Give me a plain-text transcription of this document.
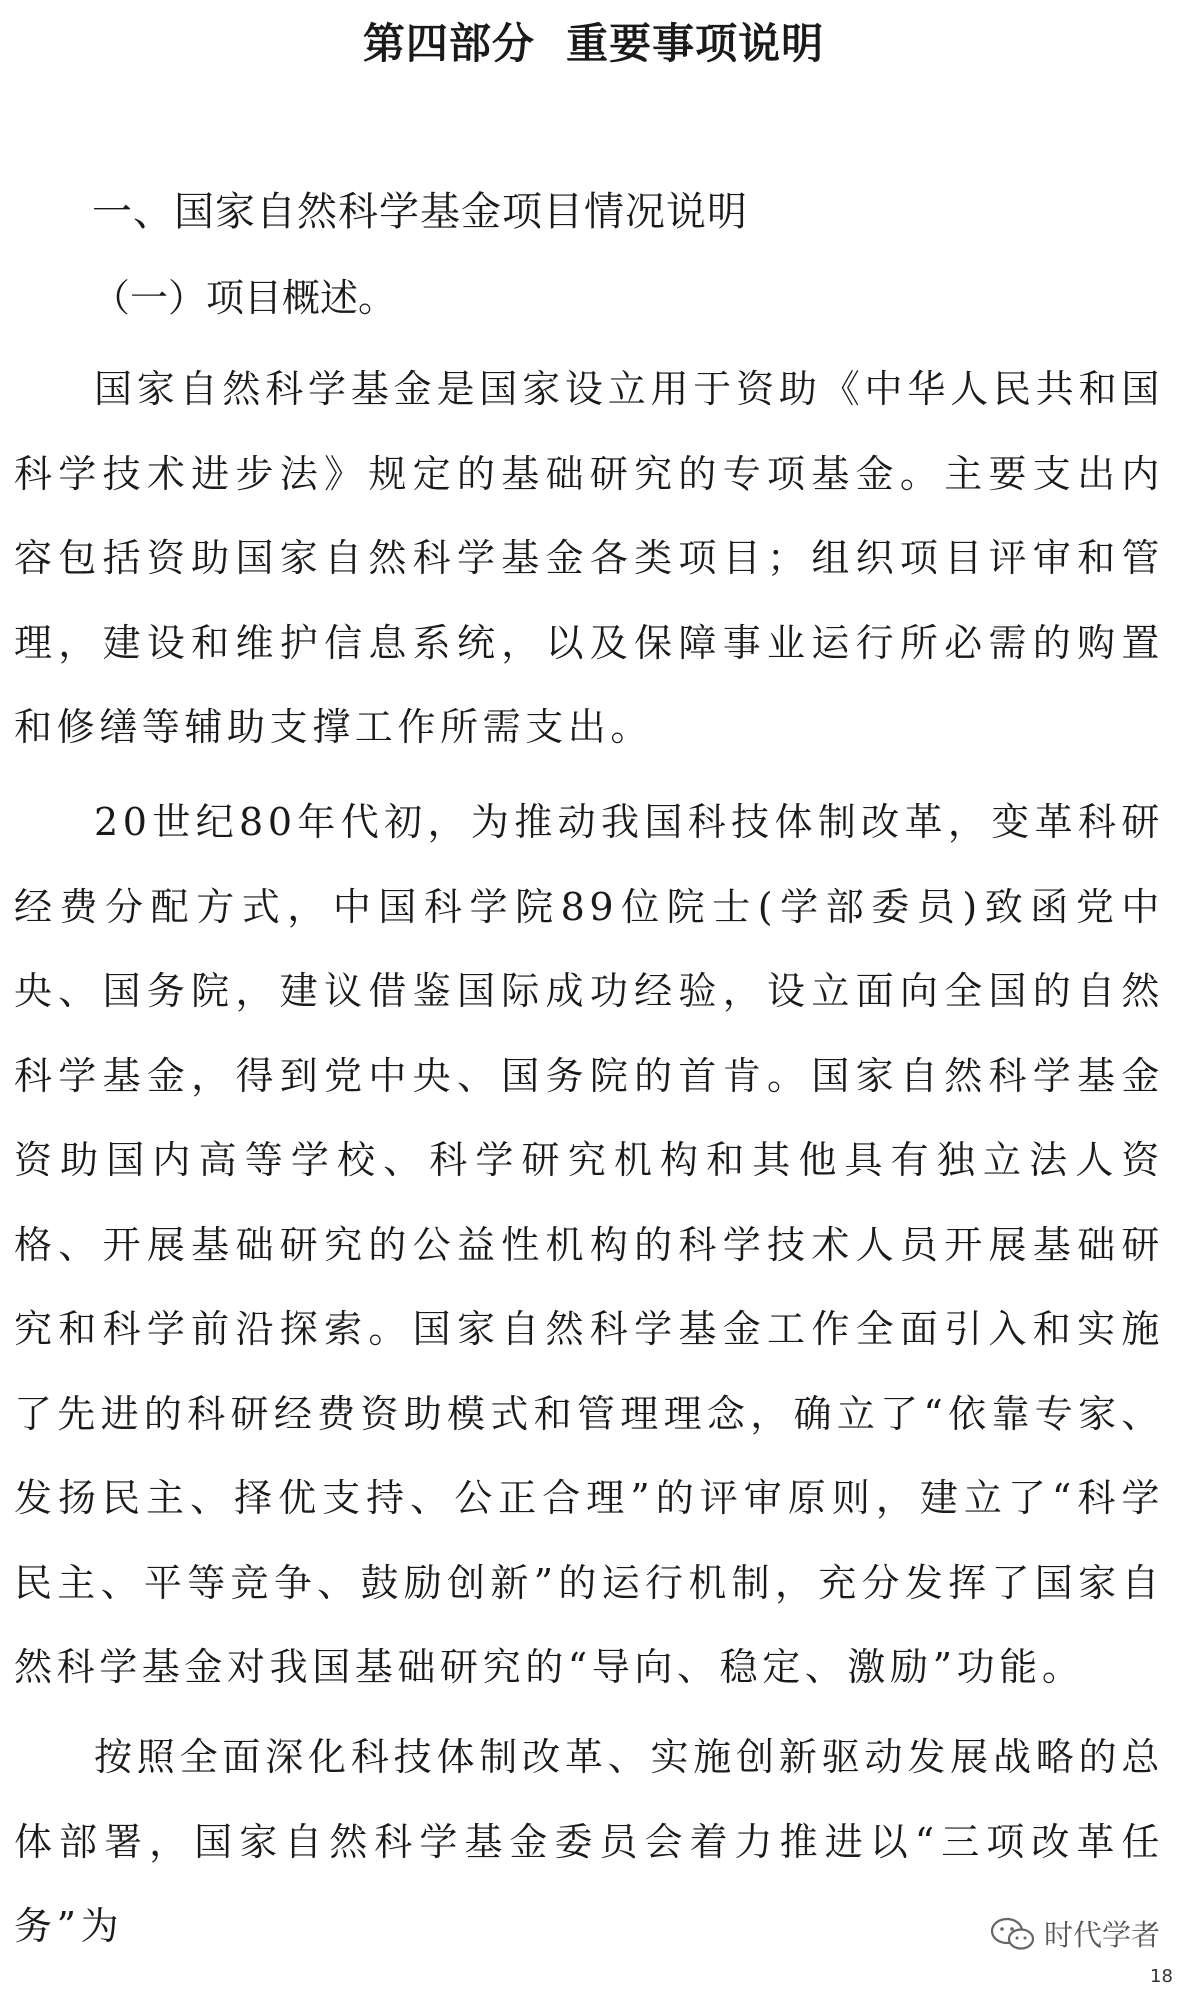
第四部分  重要事项说明
一、国家自然科学基金项目情况说明
（一）项目概述。

国家自然科学基金是国家设立用于资助《中华人民共和国科学技术进步法》规定的基础研究的专项基金。主要支出内容包括资助国家自然科学基金各类项目；组织项目评审和管理，建设和维护信息系统，以及保障事业运行所必需的购置和修缮等辅助支撑工作所需支出。

20世纪80年代初，为推动我国科技体制改革，变革科研经费分配方式，中国科学院89位院士(学部委员)致函党中央、国务院，建议借鉴国际成功经验，设立面向全国的自然科学基金，得到党中央、国务院的首肯。国家自然科学基金资助国内高等学校、科学研究机构和其他具有独立法人资格、开展基础研究的公益性机构的科学技术人员开展基础研究和科学前沿探索。国家自然科学基金工作全面引入和实施了先进的科研经费资助模式和管理理念，确立了“依靠专家、发扬民主、择优支持、公正合理”的评审原则，建立了“科学民主、平等竞争、鼓励创新”的运行机制，充分发挥了国家自然科学基金对我国基础研究的“导向、稳定、激励”功能。

按照全面深化科技体制改革、实施创新驱动发展战略的总体部署，国家自然科学基金委员会着力推进以“三项改革任务”为	时代学者
18
